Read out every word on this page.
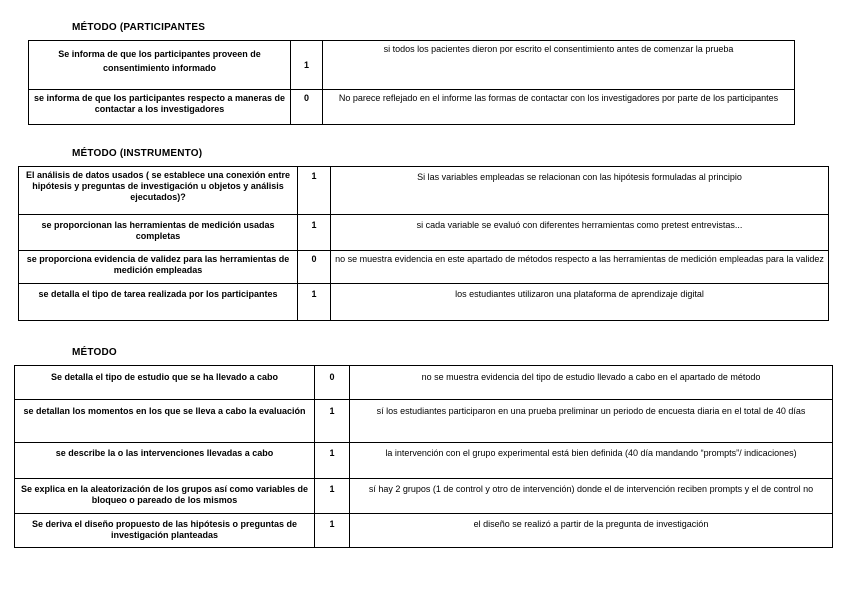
MÉTODO (PARTICIPANTES
Se informa de que los participantes proveen de consentimiento informado	1	si todos los pacientes dieron por escrito el consentimiento antes de comenzar la prueba
se informa de que los participantes respecto a maneras de contactar a los investigadores	0	No parece reflejado en el informe las formas de contactar con los investigadores por parte de los participantes
MÉTODO (INSTRUMENTO)
El análisis de datos usados ( se establece una conexión entre hipótesis y preguntas de investigación u objetos y análisis ejecutados)?	1	Si las variables empleadas se relacionan con las hipótesis formuladas al principio
se proporcionan las herramientas de medición usadas completas	1	si cada variable se evaluó con diferentes herramientas como pretest entrevistas...
se proporciona evidencia de validez para las herramientas de medición empleadas	0	no se muestra evidencia en este apartado de métodos respecto a las herramientas de medición empleadas para la validez
se detalla el tipo de tarea realizada por los participantes	1	los estudiantes utilizaron una plataforma de aprendizaje digital
MÉTODO
Se detalla el tipo de estudio que se ha llevado a cabo	0	no se muestra evidencia del tipo de estudio llevado a cabo en el apartado de método
se detallan los momentos en los que se lleva a cabo la evaluación	1	sí los estudiantes participaron en una prueba preliminar un periodo de encuesta diaria en el total de 40 días
se describe la o las intervenciones llevadas a cabo	1	la intervención con el grupo experimental está bien definida (40 día mandando “prompts”/ indicaciones)
Se explica en la aleatorización de los grupos así como variables de bloqueo o pareado de los mismos	1	sí hay 2 grupos (1 de control y otro de intervención) donde el de intervención reciben prompts y el de control no
Se deriva el diseño propuesto de las hipótesis o preguntas de investigación planteadas	1	el diseño se realizó a partir de la pregunta de investigación
